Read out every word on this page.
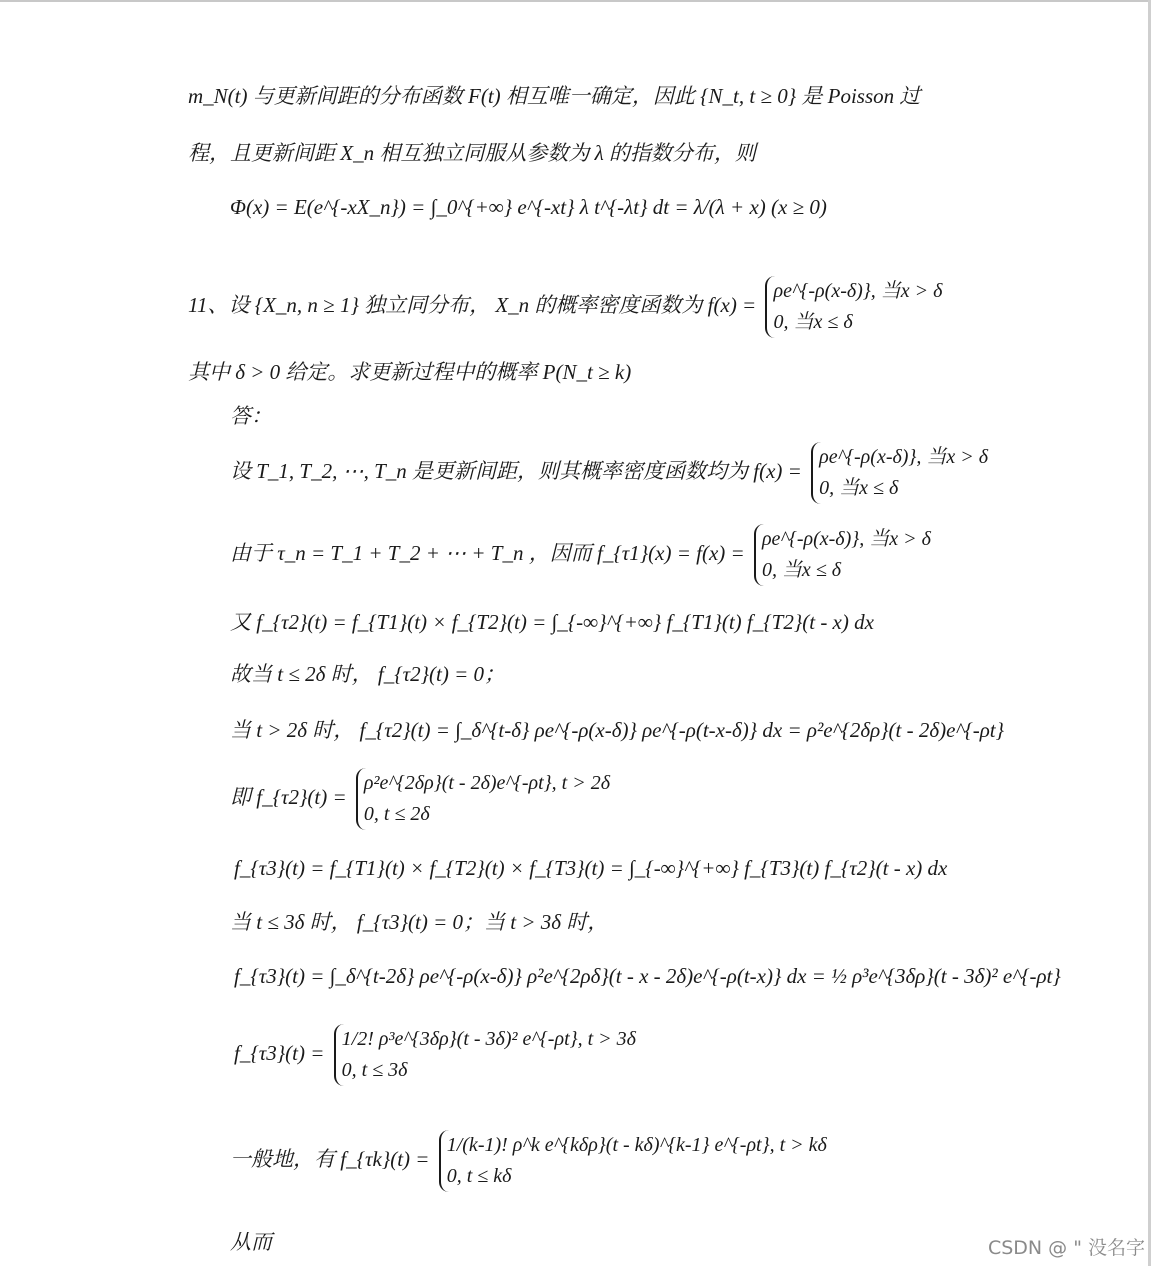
m_N(t) 与更新间距的分布函数 F(t) 相互唯一确定，因此 {N_t, t ≥ 0} 是 Poisson 过
程，且更新间距 X_n 相互独立同服从参数为 λ 的指数分布，则
Φ(x) = E(e^{-xX_n}) = ∫_0^{+∞} e^{-xt} λ t^{-λt} dt = λ/(λ + x) (x ≥ 0)
11、设 {X_n, n ≥ 1} 独立同分布， X_n 的概率密度函数为 f(x) =
ρe^{-ρ(x-δ)}, 当x > δ
0, 当x ≤ δ
其中 δ > 0 给定。求更新过程中的概率 P(N_t ≥ k)
答：
设 T_1, T_2, ⋯, T_n 是更新间距，则其概率密度函数均为 f(x) =
ρe^{-ρ(x-δ)}, 当x > δ
0, 当x ≤ δ
由于 τ_n = T_1 + T_2 + ⋯ + T_n ，因而 f_{τ1}(x) = f(x) =
ρe^{-ρ(x-δ)}, 当x > δ
0, 当x ≤ δ
又 f_{τ2}(t) = f_{T1}(t) × f_{T2}(t) = ∫_{-∞}^{+∞} f_{T1}(t) f_{T2}(t - x) dx
故当 t ≤ 2δ 时， f_{τ2}(t) = 0；
当 t > 2δ 时， f_{τ2}(t) = ∫_δ^{t-δ} ρe^{-ρ(x-δ)} ρe^{-ρ(t-x-δ)} dx = ρ²e^{2δρ}(t - 2δ)e^{-ρt}
即 f_{τ2}(t) =
ρ²e^{2δρ}(t - 2δ)e^{-ρt}, t > 2δ
0, t ≤ 2δ
f_{τ3}(t) = f_{T1}(t) × f_{T2}(t) × f_{T3}(t) = ∫_{-∞}^{+∞} f_{T3}(t) f_{τ2}(t - x) dx
当 t ≤ 3δ 时， f_{τ3}(t) = 0；当 t > 3δ 时，
f_{τ3}(t) = ∫_δ^{t-2δ} ρe^{-ρ(x-δ)} ρ²e^{2ρδ}(t - x - 2δ)e^{-ρ(t-x)} dx = ½ ρ³e^{3δρ}(t - 3δ)² e^{-ρt}
f_{τ3}(t) =
1/2! ρ³e^{3δρ}(t - 3δ)² e^{-ρt}, t > 3δ
0, t ≤ 3δ
一般地，有 f_{τk}(t) =
1/(k-1)! ρ^k e^{kδρ}(t - kδ)^{k-1} e^{-ρt}, t > kδ
0, t ≤ kδ
从而	CSDN @ " 没名字
